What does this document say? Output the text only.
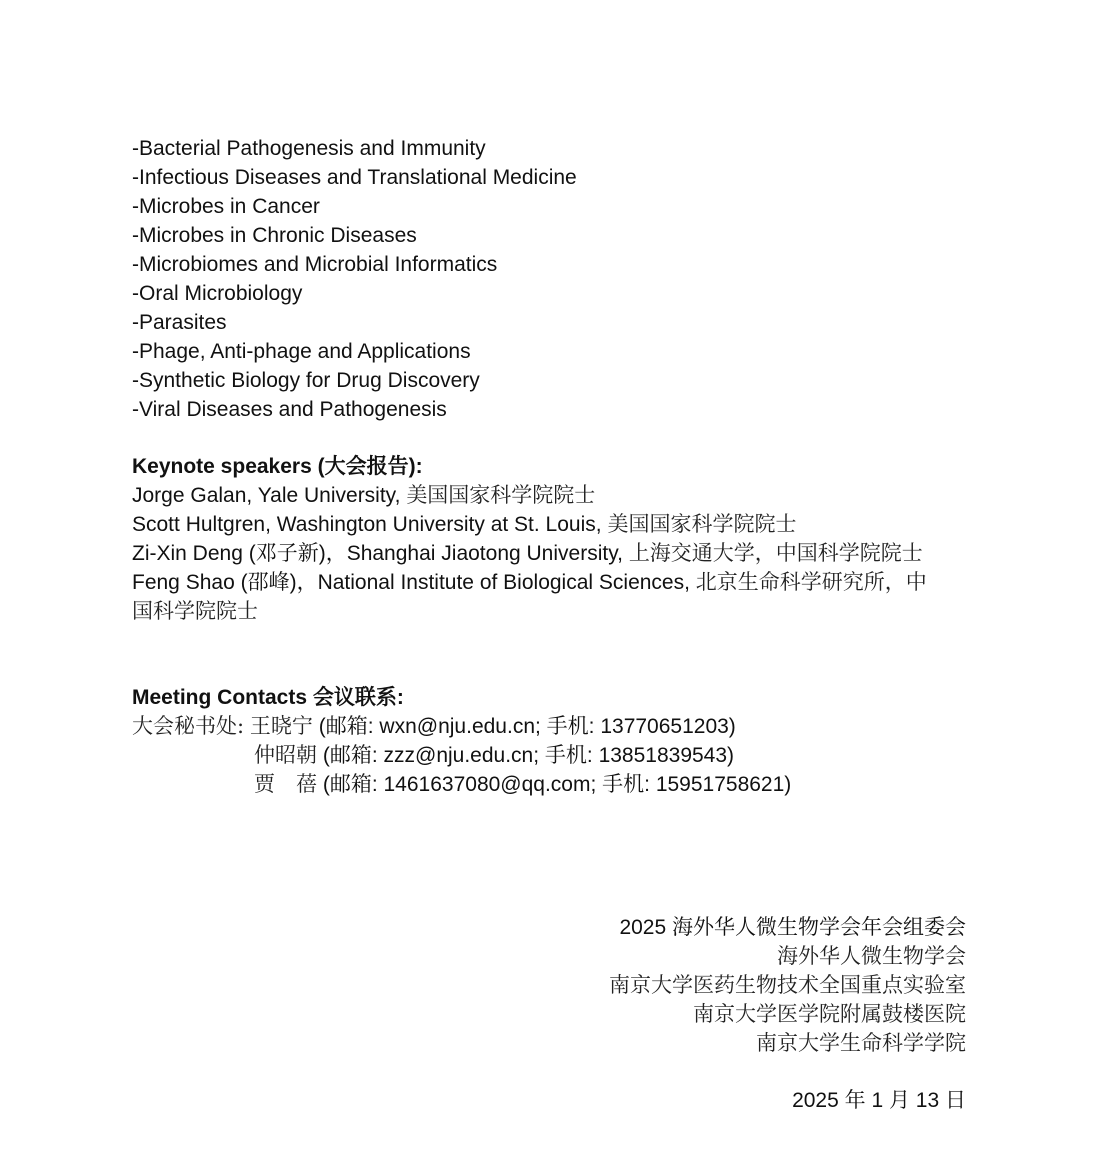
-Bacterial Pathogenesis and Immunity
-Infectious Diseases and Translational Medicine
-Microbes in Cancer
-Microbes in Chronic Diseases
-Microbiomes and Microbial Informatics
-Oral Microbiology
-Parasites
-Phage, Anti-phage and Applications
-Synthetic Biology for Drug Discovery
-Viral Diseases and Pathogenesis
Keynote speakers (大会报告):
Jorge Galan, Yale University, 美国国家科学院院士
Scott Hultgren, Washington University at St. Louis, 美国国家科学院院士
Zi-Xin Deng (邓子新)，Shanghai Jiaotong University, 上海交通大学，中国科学院院士
Feng Shao (邵峰)，National Institute of Biological Sciences, 北京生命科学研究所，中
国科学院院士
Meeting Contacts 会议联系:
大会秘书处: 王晓宁 (邮箱: wxn@nju.edu.cn; 手机: 13770651203)
仲昭朝 (邮箱: zzz@nju.edu.cn; 手机: 13851839543)
贾　蓓 (邮箱: 1461637080@qq.com; 手机: 15951758621)
2025 海外华人微生物学会年会组委会
海外华人微生物学会
南京大学医药生物技术全国重点实验室
南京大学医学院附属鼓楼医院
南京大学生命科学学院
2025 年 1 月 13 日
